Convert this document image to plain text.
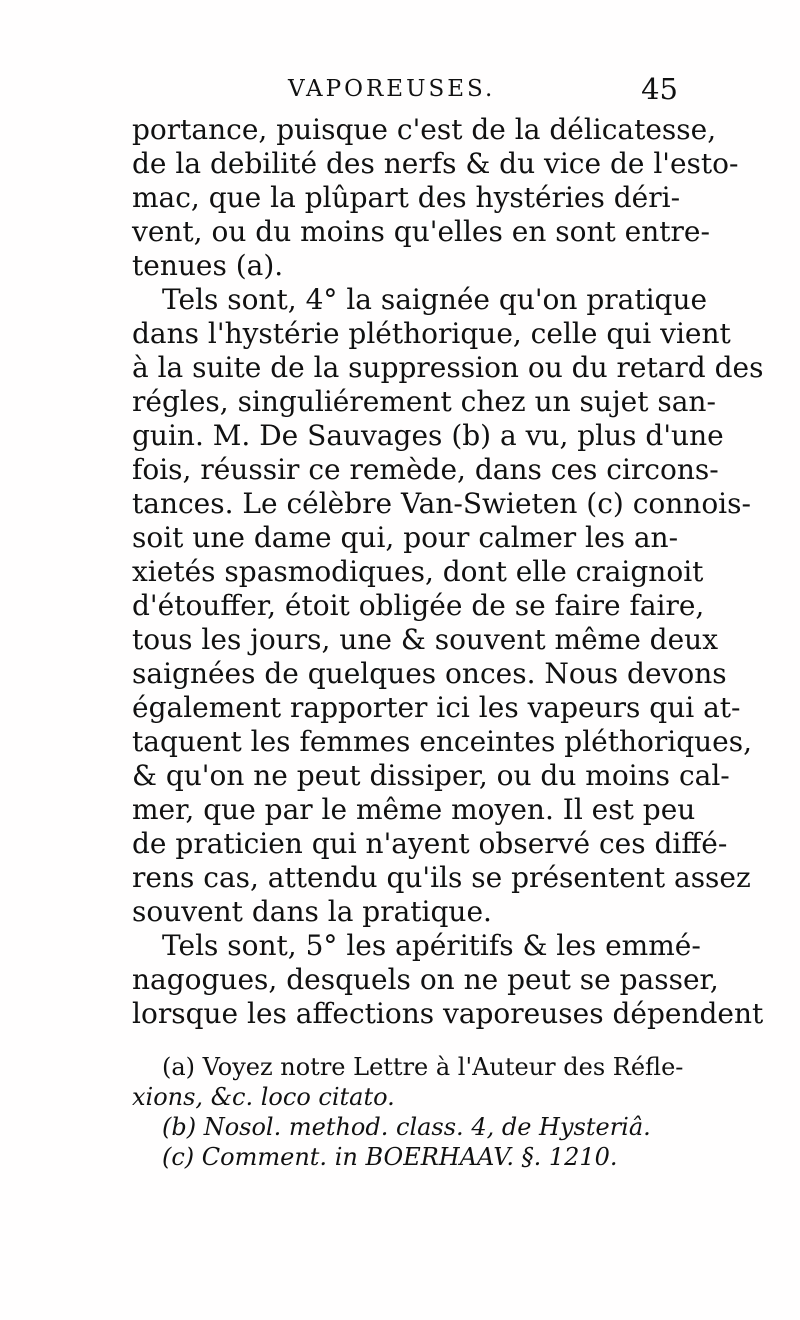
VAPOREUSES.	45
portance, puisque c'est de la délicatesse,
de la debilité des nerfs & du vice de l'esto-
mac, que la plûpart des hystéries déri-
vent, ou du moins qu'elles en sont entre-
tenues (a).
Tels sont, 4° la saignée qu'on pratique
dans l'hystérie pléthorique, celle qui vient
à la suite de la suppression ou du retard des
régles, singuliérement chez un sujet san-
guin. M. De Sauvages (b) a vu, plus d'une
fois, réussir ce remède, dans ces circons-
tances. Le célèbre Van-Swieten (c) connois-
soit une dame qui, pour calmer les an-
xietés spasmodiques, dont elle craignoit
d'étouffer, étoit obligée de se faire faire,
tous les jours, une & souvent même deux
saignées de quelques onces. Nous devons
également rapporter ici les vapeurs qui at-
taquent les femmes enceintes pléthoriques,
& qu'on ne peut dissiper, ou du moins cal-
mer, que par le même moyen. Il est peu
de praticien qui n'ayent observé ces diffé-
rens cas, attendu qu'ils se présentent assez
souvent dans la pratique.
Tels sont, 5° les apéritifs & les emmé-
nagogues, desquels on ne peut se passer,
lorsque les affections vaporeuses dépendent
(a) Voyez notre Lettre à l'Auteur des Réfle-
xions, &c. loco citato.
(b) Nosol. method. class. 4, de Hysteriâ.
(c) Comment. in BOERHAAV. §. 1210.
